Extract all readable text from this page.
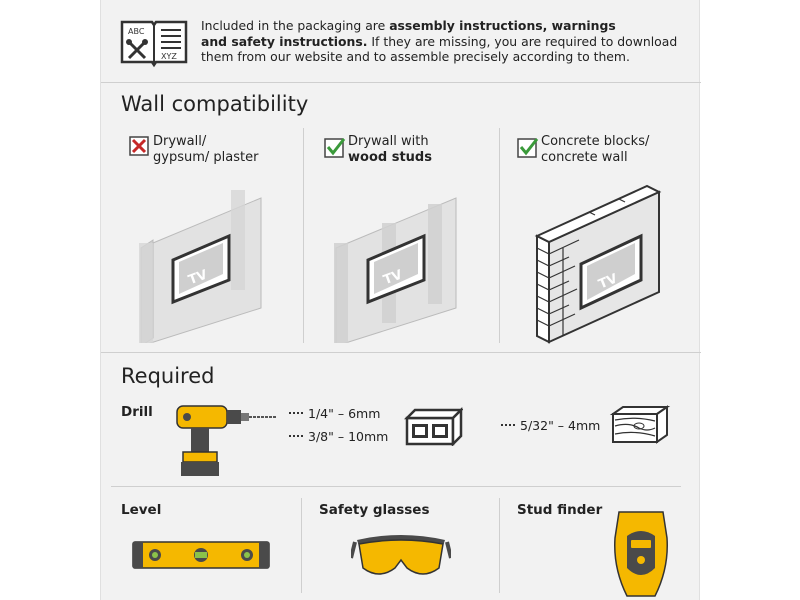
ABC
XYZ
Included in the packaging are assembly instructions, warnings
and safety instructions. If they are missing, you are required to download
them from our website and to assemble precisely according to them.
Wall compatibility
Drywall/
gypsum/ plaster
TV
Drywall with
wood studs
TV
Concrete blocks/
concrete wall
TV
Required
Drill	1/4" – 6mm
3/8" – 10mm
5/32" – 4mm
Level	Safety glasses	Stud finder
